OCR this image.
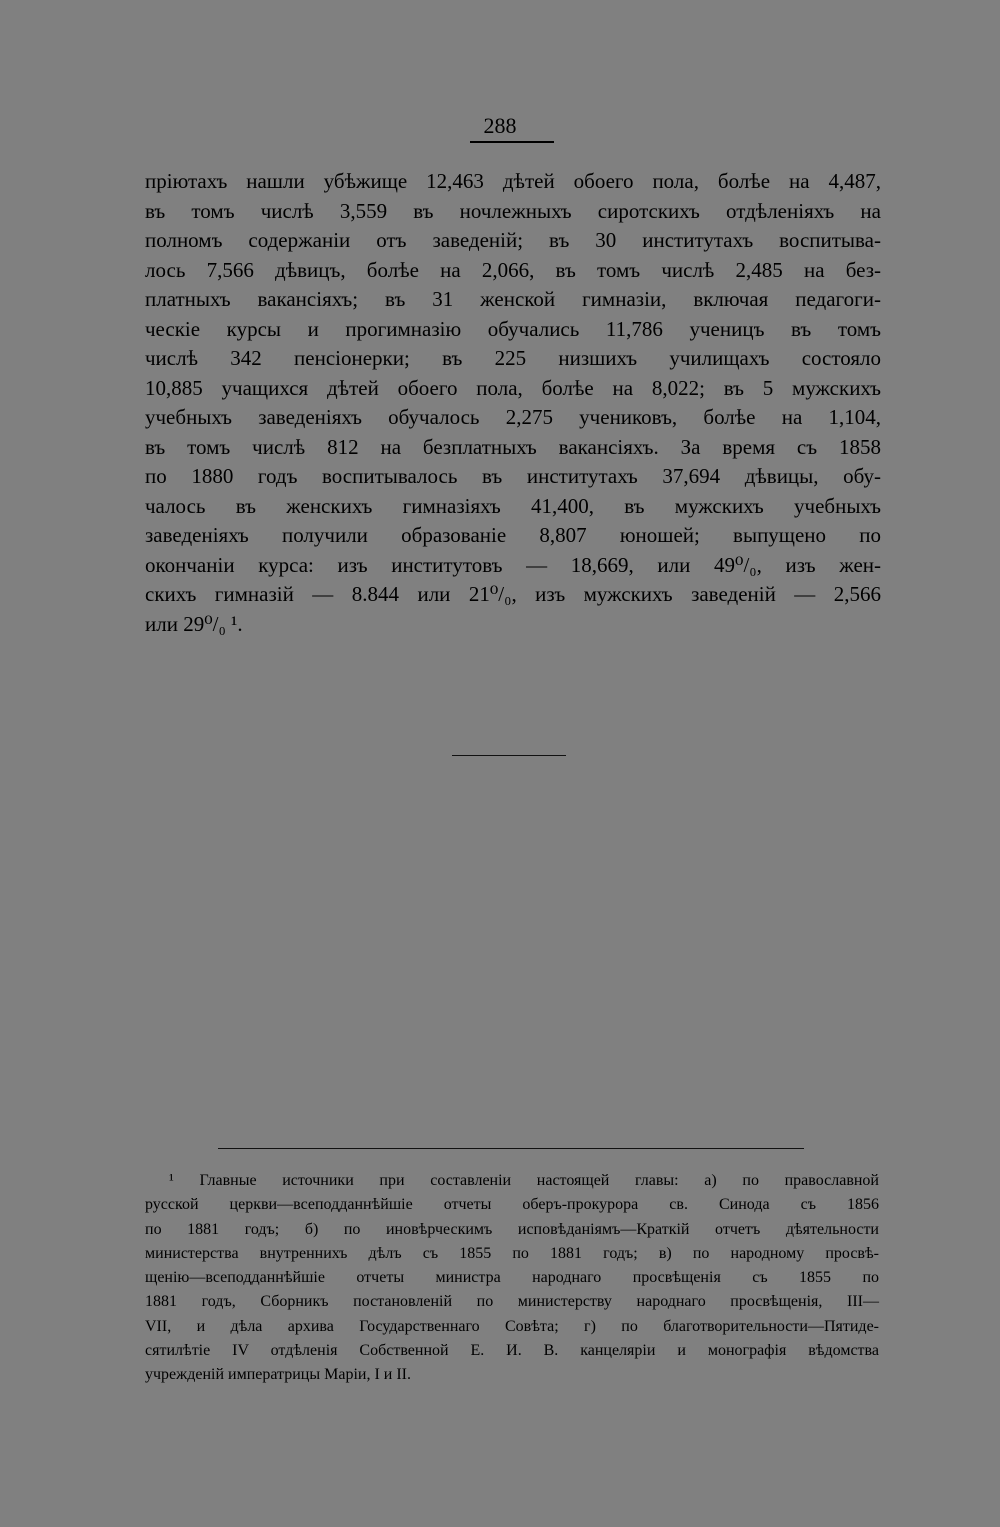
288
пріютахъ нашли убѣжище 12,463 дѣтей обоего пола, болѣе на 4,487,
въ томъ числѣ 3,559 въ ночлежныхъ сиротскихъ отдѣленіяхъ на
полномъ содержаніи отъ заведеній; въ 30 институтахъ воспитыва-
лось 7,566 дѣвицъ, болѣе на 2,066, въ томъ числѣ 2,485 на без-
платныхъ вакансіяхъ; въ 31 женской гимназіи, включая педагоги-
ческіе курсы и прогимназію обучались 11,786 ученицъ въ томъ
числѣ 342 пенсіонерки; въ 225 низшихъ училищахъ состояло
10,885 учащихся дѣтей обоего пола, болѣе на 8,022; въ 5 мужскихъ
учебныхъ заведеніяхъ обучалось 2,275 учениковъ, болѣе на 1,104,
въ томъ числѣ 812 на безплатныхъ вакансіяхъ. За время съ 1858
по 1880 годъ воспитывалось въ институтахъ 37,694 дѣвицы, обу-
чалось въ женскихъ гимназіяхъ 41,400, въ мужскихъ учебныхъ
заведеніяхъ получили образованіе 8,807 юношей; выпущено по
окончаніи курса: изъ институтовъ — 18,669, или 49⁰/₀, изъ жен-
скихъ гимназій — 8.844 или 21⁰/₀, изъ мужскихъ заведеній — 2,566
или 29⁰/₀ ¹.
¹ Главные источники при составленіи настоящей главы: а) по православной
русской церкви—всеподданнѣйшіе отчеты оберъ-прокурора св. Синода съ 1856
по 1881 годъ; б) по иновѣрческимъ исповѣданіямъ—Краткій отчетъ дѣятельности
министерства внутреннихъ дѣлъ съ 1855 по 1881 годъ; в) по народному просвѣ-
щенію—всеподданнѣйшіе отчеты министра народнаго просвѣщенія съ 1855 по
1881 годъ, Сборникъ постановленій по министерству народнаго просвѣщенія, III—
VII, и дѣла архива Государственнаго Совѣта; г) по благотворительности—Пятиде-
сятилѣтіе IV отдѣленія Собственной Е. И. В. канцеляріи и монографія вѣдомства
учрежденій императрицы Маріи, I и II.
